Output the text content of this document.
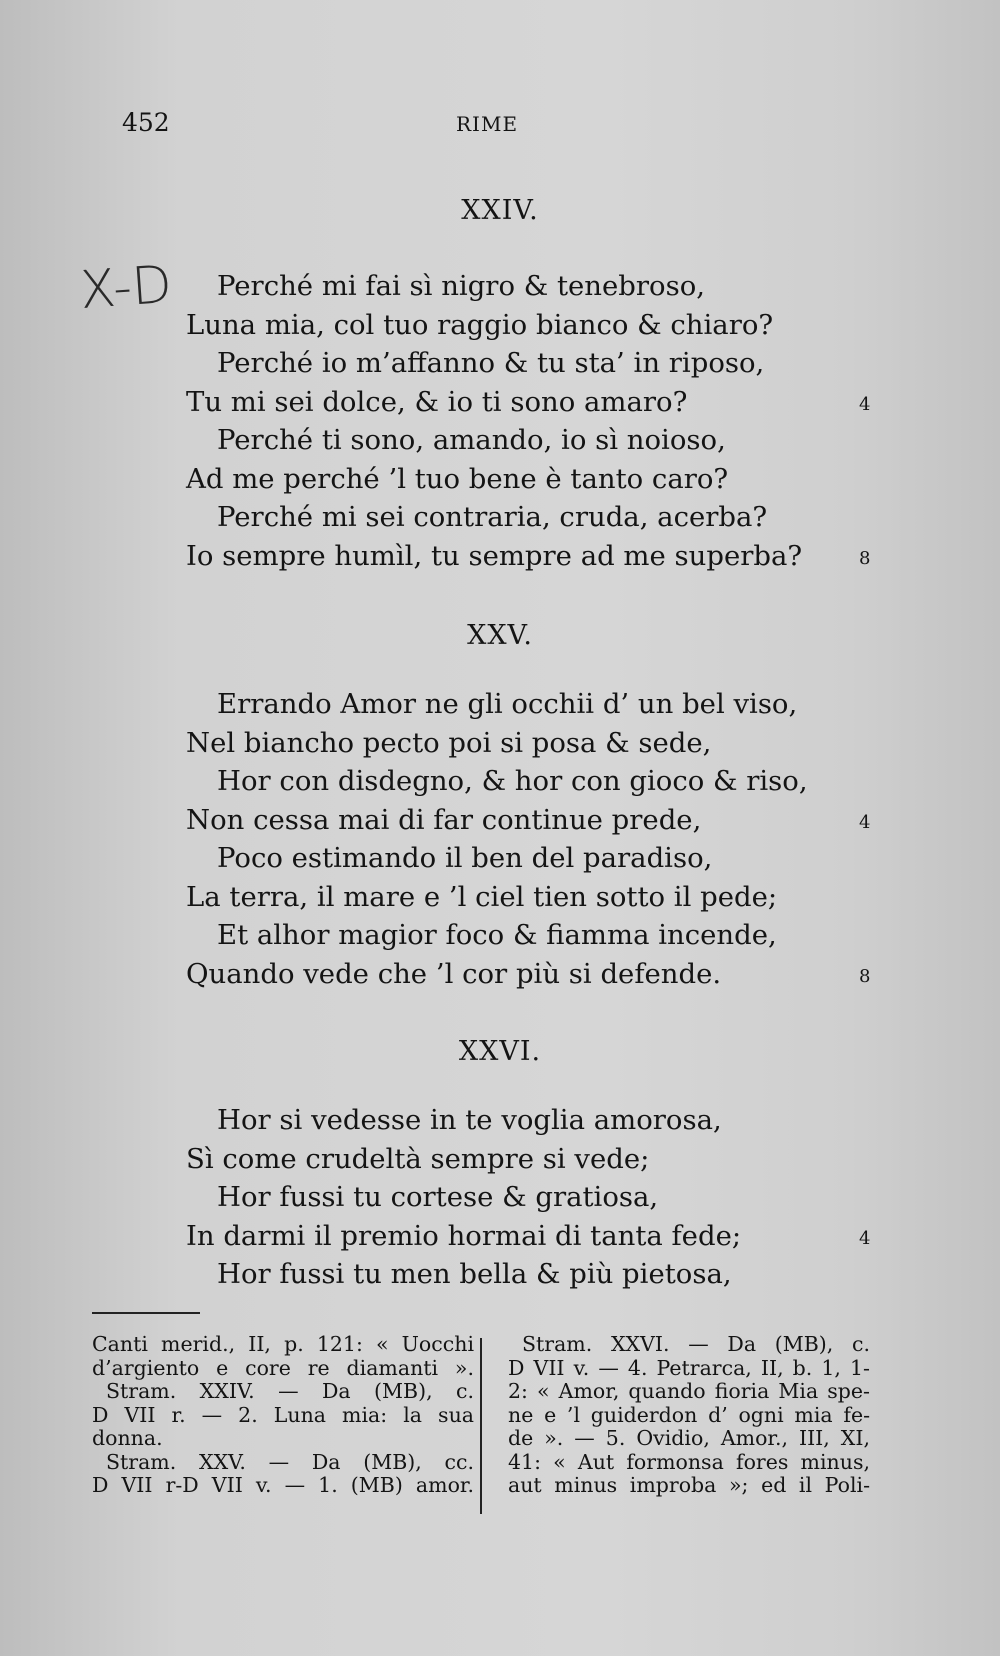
452	RIME
X-D
XXIV.
Perché mi fai sì nigro & tenebroso,
Luna mia, col tuo raggio bianco & chiaro?
Perché io m’affanno & tu sta’ in riposo,
Tu mi sei dolce, & io ti sono amaro?	4
Perché ti sono, amando, io sì noioso,
Ad me perché ’l tuo bene è tanto caro?
Perché mi sei contraria, cruda, acerba?
Io sempre humìl, tu sempre ad me superba?	8
XXV.
Errando Amor ne gli occhii d’ un bel viso,
Nel biancho pecto poi si posa & sede,
Hor con disdegno, & hor con gioco & riso,
Non cessa mai di far continue prede,	4
Poco estimando il ben del paradiso,
La terra, il mare e ’l ciel tien sotto il pede;
Et alhor magior foco & fiamma incende,
Quando vede che ’l cor più si defende.	8
XXVI.
Hor si vedesse in te voglia amorosa,
Sì come crudeltà sempre si vede;
Hor fussi tu cortese & gratiosa,
In darmi il premio hormai di tanta fede;	4
Hor fussi tu men bella & più pietosa,
Canti merid., II, p. 121: « Uocchi
d’argiento e core re diamanti ».
Stram. XXIV. — Da (MB), c.
D VII r. — 2. Luna mia: la sua
donna.
Stram. XXV. — Da (MB), cc.
D VII r-D VII v. — 1. (MB) amor.
Stram. XXVI. — Da (MB), c.
D VII v. — 4. Petrarca, II, b. 1, 1-
2: « Amor, quando fioria Mia spe-
ne e ’l guiderdon d’ ogni mia fe-
de ». — 5. Ovidio, Amor., III, XI,
41: « Aut formonsa fores minus,
aut minus improba »; ed il Poli-
